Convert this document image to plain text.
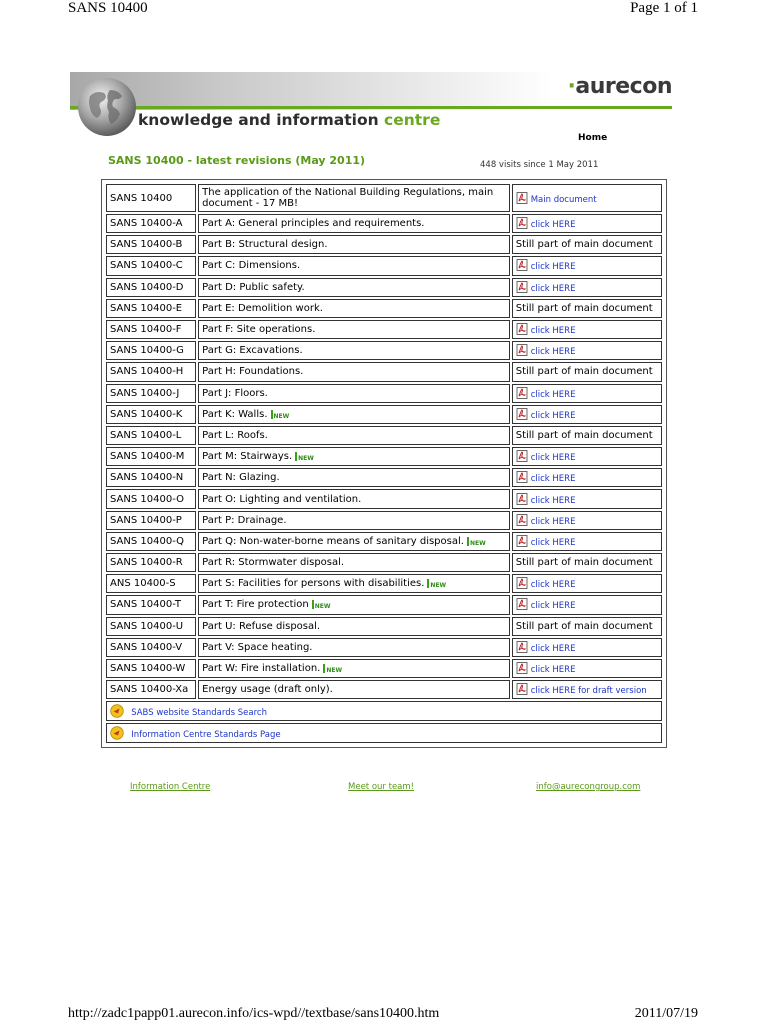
SANS 10400	Page 1 of 1
·aurecon
knowledge and information centre
Home
SANS 10400 - latest revisions (May 2011)	448 visits since 1 May 2011
SANS 10400	The application of the National Building Regulations, main document - 17 MB!	Main document
SANS 10400-A	Part A: General principles and requirements.	click HERE
SANS 10400-B	Part B: Structural design.	Still part of main document
SANS 10400-C	Part C: Dimensions.	click HERE
SANS 10400-D	Part D: Public safety.	click HERE
SANS 10400-E	Part E: Demolition work.	Still part of main document
SANS 10400-F	Part F: Site operations.	click HERE
SANS 10400-G	Part G: Excavations.	click HERE
SANS 10400-H	Part H: Foundations.	Still part of main document
SANS 10400-J	Part J: Floors.	click HERE
SANS 10400-K	Part K: Walls. NEW	click HERE
SANS 10400-L	Part L: Roofs.	Still part of main document
SANS 10400-M	Part M: Stairways. NEW	click HERE
SANS 10400-N	Part N: Glazing.	click HERE
SANS 10400-O	Part O: Lighting and ventilation.	click HERE
SANS 10400-P	Part P: Drainage.	click HERE
SANS 10400-Q	Part Q: Non-water-borne means of sanitary disposal. NEW	click HERE
SANS 10400-R	Part R: Stormwater disposal.	Still part of main document
ANS 10400-S	Part S: Facilities for persons with disabilities. NEW	click HERE
SANS 10400-T	Part T: Fire protection NEW	click HERE
SANS 10400-U	Part U: Refuse disposal.	Still part of main document
SANS 10400-V	Part V: Space heating.	click HERE
SANS 10400-W	Part W: Fire installation. NEW	click HERE
SANS 10400-Xa	Energy usage (draft only).	click HERE for draft version
SABS website Standards Search		
Information Centre Standards Page		
Information Centre	Meet our team!	info@aurecongroup.com
http://zadc1papp01.aurecon.info/ics-wpd//textbase/sans10400.htm	2011/07/19
